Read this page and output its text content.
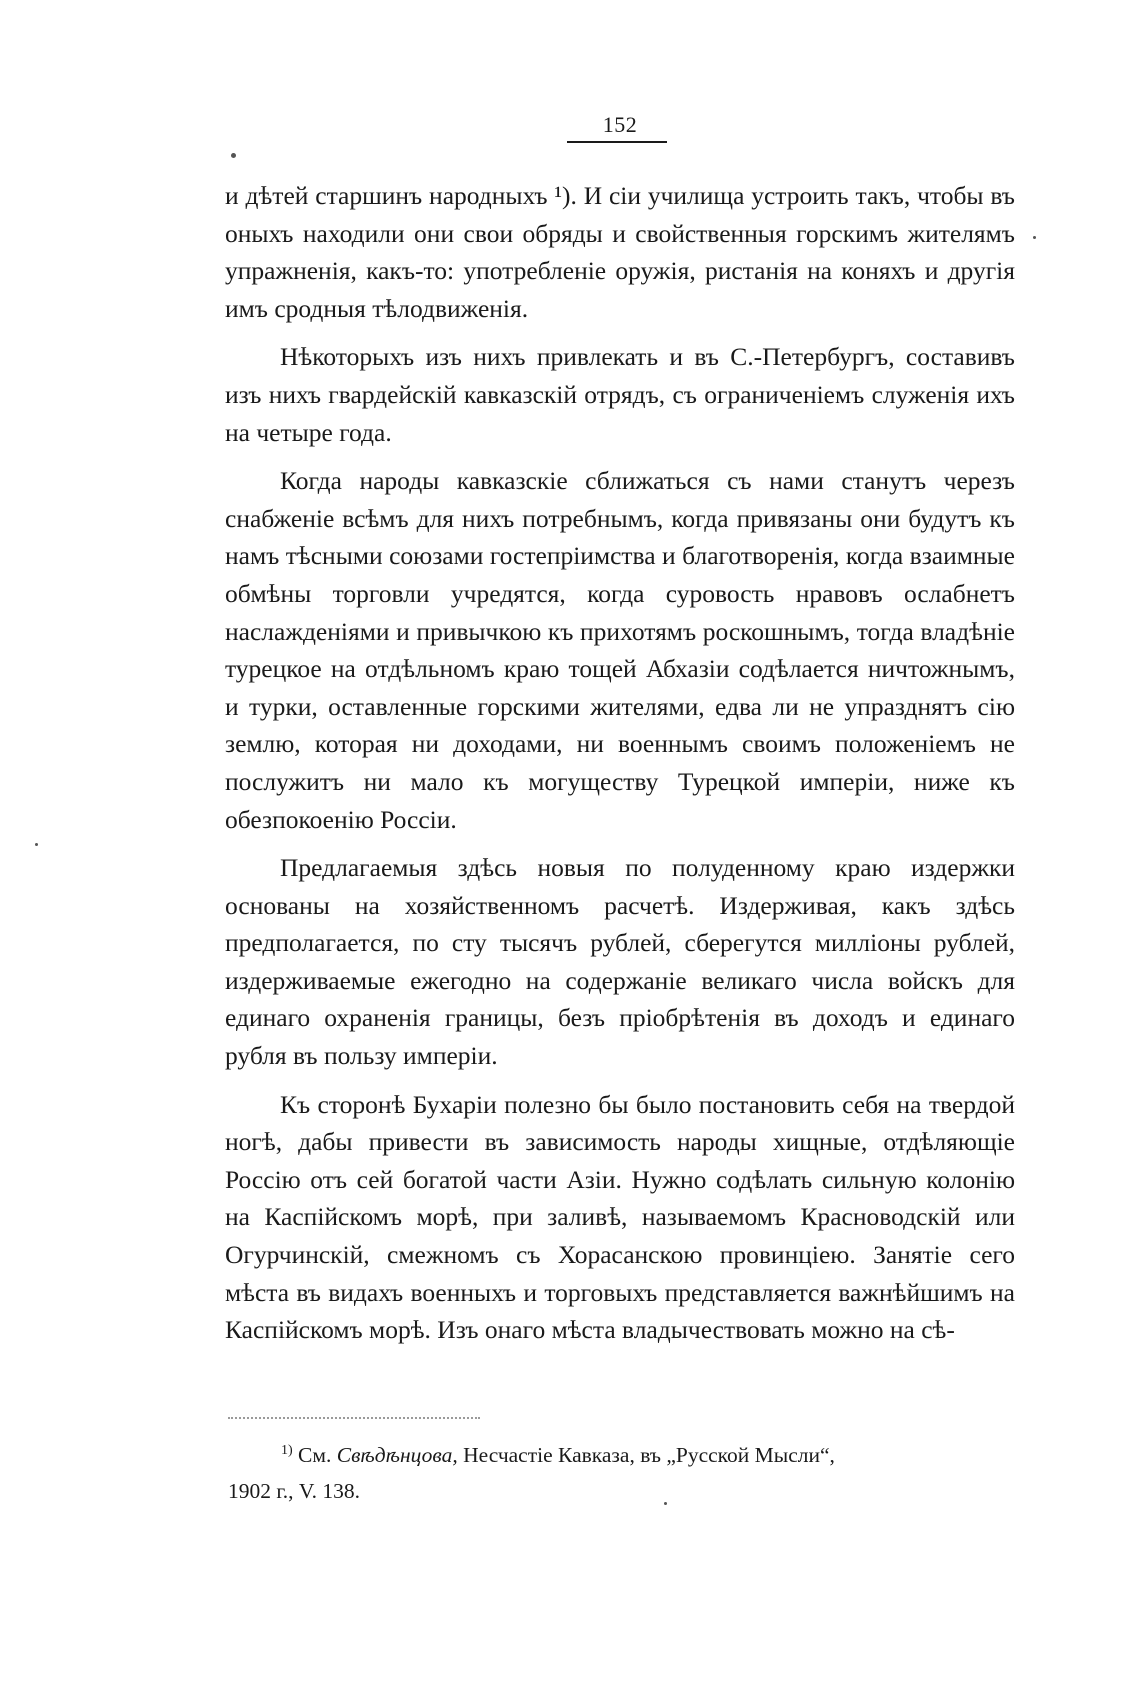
152

и дѣтей старшинъ народныхъ ¹). И сіи училища устроить такъ, чтобы въ оныхъ находили они свои обряды и свойственныя горскимъ жителямъ упражненія, какъ-то: употребленіе оружія, ристанія на коняхъ и другія имъ сродныя тѣлодвиженія.

Нѣкоторыхъ изъ нихъ привлекать и въ С.-Петербургъ, составивъ изъ нихъ гвардейскій кавказскій отрядъ, съ ограниченіемъ служенія ихъ на четыре года.

Когда народы кавказскіе сближаться съ нами станутъ черезъ снабженіе всѣмъ для нихъ потребнымъ, когда привязаны они будутъ къ намъ тѣсными союзами гостепріимства и благотворенія, когда взаимные обмѣны торговли учредятся, когда суровость нравовъ ослабнетъ наслажденіями и привычкою къ прихотямъ роскошнымъ, тогда владѣніе турецкое на отдѣльномъ краю тощей Абхазіи содѣлается ничтожнымъ, и турки, оставленные горскими жителями, едва ли не упразднятъ сію землю, которая ни доходами, ни военнымъ своимъ положеніемъ не послужитъ ни мало къ могуществу Турецкой имперіи, ниже къ обезпокоенію Россіи.

Предлагаемыя здѣсь новыя по полуденному краю издержки основаны на хозяйственномъ расчетѣ. Издерживая, какъ здѣсь предполагается, по сту тысячъ рублей, сберегутся милліоны рублей, издерживаемые ежегодно на содержаніе великаго числа войскъ для единаго охраненія границы, безъ пріобрѣтенія въ доходъ и единаго рубля въ пользу имперіи.

Къ сторонѣ Бухаріи полезно бы было постановить себя на твердой ногѣ, дабы привести въ зависимость народы хищные, отдѣляющіе Россію отъ сей богатой части Азіи. Нужно содѣлать сильную колонію на Каспійскомъ морѣ, при заливѣ, называемомъ Красноводскій или Огурчинскій, смежномъ съ Хорасанскою провинціею. Занятіе сего мѣста въ видахъ военныхъ и торговыхъ представляется важнѣйшимъ на Каспійскомъ морѣ. Изъ онаго мѣста владычествовать можно на сѣ-

$^{1)}$ См. Свѣдѣнцова, Несчастіе Кавказа, въ „Русской Мысли“,
1902 г., V. 138.
